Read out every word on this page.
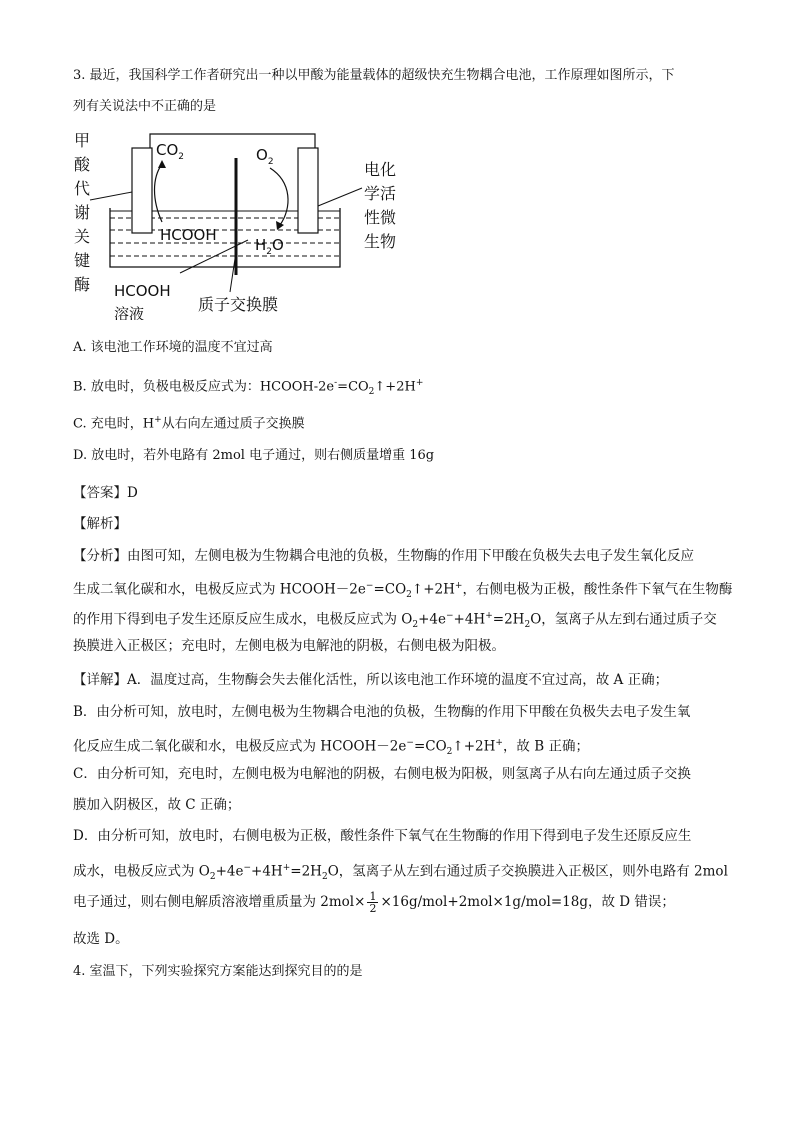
3. 最近，我国科学工作者研究出一种以甲酸为能量载体的超级快充生物耦合电池，工作原理如图所示，下
列有关说法中不正确的是
甲
酸
代
谢
关
键
酶
$CO_2$	$O_2$
HCOOH
$H_2O$
电化
学活
性微
生物
HCOOH
溶液	质子交换膜
A. 该电池工作环境的温度不宜过高
B. 放电时，负极电极反应式为：HCOOH-$2e^-=CO_2↑+2H^+$
C. 充电时，H+从右向左通过质子交换膜
D. 放电时，若外电路有 2mol 电子通过，则右侧质量增重 16g
【答案】D
【解析】
【分析】由图可知，左侧电极为生物耦合电池的负极，生物酶的作用下甲酸在负极失去电子发生氧化反应
生成二氧化碳和水，电极反应式为 $HCOOH-2e^-=CO_2↑+2H^+$，右侧电极为正极，酸性条件下氧气在生物酶
的作用下得到电子发生还原反应生成水，电极反应式为 $O_2+4e^-+4H^+=2H_2O$，氢离子从左到右通过质子交
换膜进入正极区；充电时，左侧电极为电解池的阴极，右侧电极为阳极。
【详解】A．温度过高，生物酶会失去催化活性，所以该电池工作环境的温度不宜过高，故 A 正确；
B．由分析可知，放电时，左侧电极为生物耦合电池的负极，生物酶的作用下甲酸在负极失去电子发生氧
化反应生成二氧化碳和水，电极反应式为 $HCOOH-2e^-=CO_2↑+2H^+$，故 B 正确；
C．由分析可知，充电时，左侧电极为电解池的阴极，右侧电极为阳极，则氢离子从右向左通过质子交换
膜加入阴极区，故 C 正确；
D．由分析可知，放电时，右侧电极为正极，酸性条件下氧气在生物酶的作用下得到电子发生还原反应生
成水，电极反应式为 $O_2+4e^-+4H^+=2H_2O$，氢离子从左到右通过质子交换膜进入正极区，则外电路有 2mol
电子通过，则右侧电解质溶液增重质量为 $2mol\times \frac{1}{2} \times 16g/mol+2mol\times 1g/mol=18g$，故 D 错误；
故选 D。
4. 室温下，下列实验探究方案能达到探究目的的是
